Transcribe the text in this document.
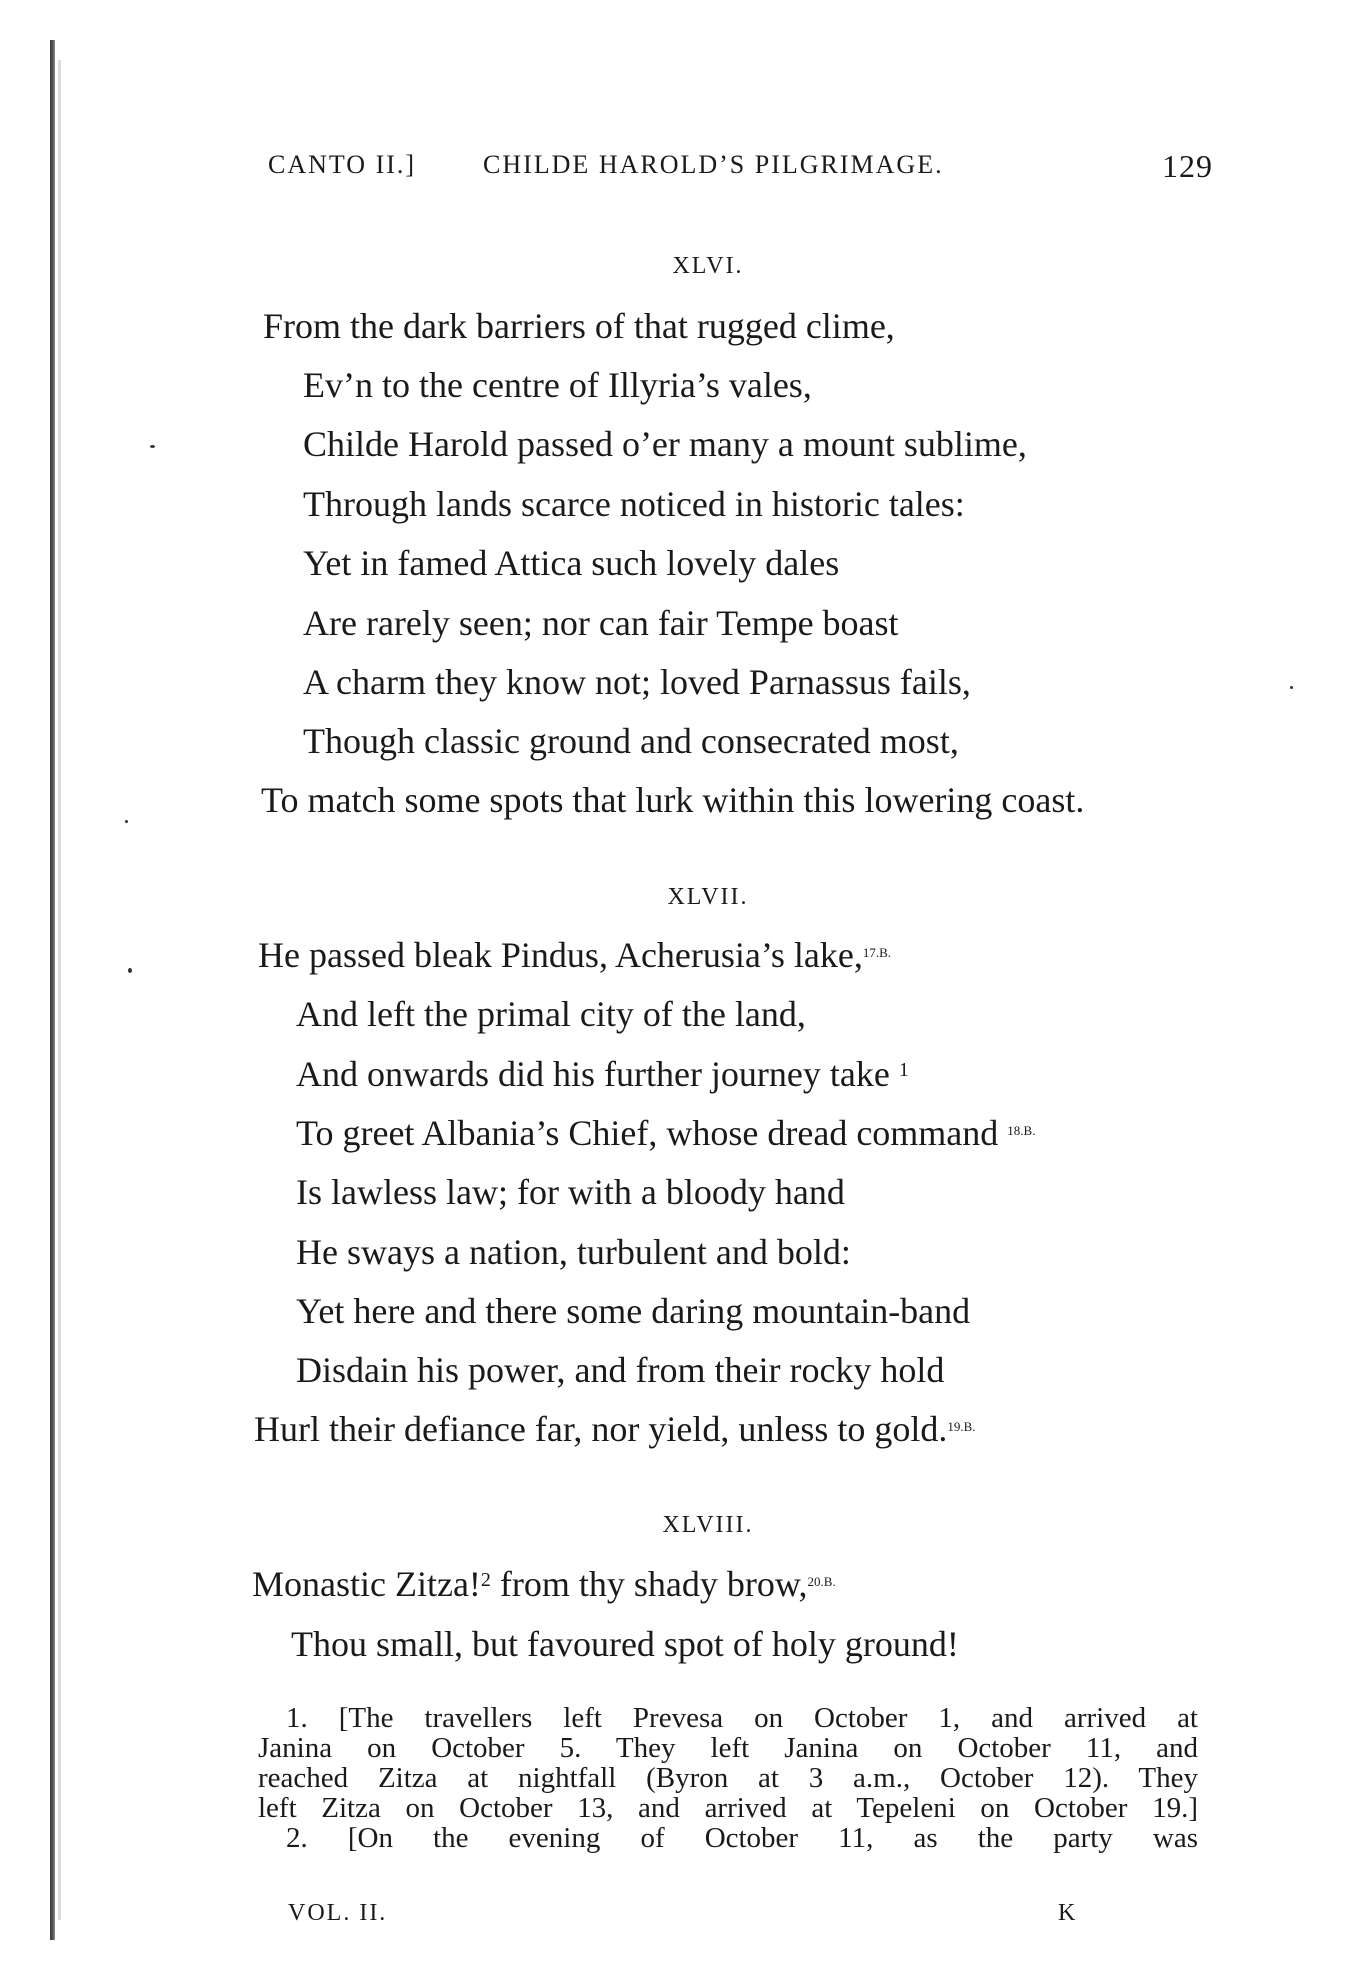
CANTO II.]	CHILDE HAROLD’S PILGRIMAGE.	129
XLVI.
From the dark barriers of that rugged clime,
Ev’n to the centre of Illyria’s vales,
Childe Harold passed o’er many a mount sublime,
Through lands scarce noticed in historic tales:
Yet in famed Attica such lovely dales
Are rarely seen; nor can fair Tempe boast
A charm they know not; loved Parnassus fails,
Though classic ground and consecrated most,
To match some spots that lurk within this lowering coast.
XLVII.
He passed bleak Pindus, Acherusia’s lake,$^{17.B.}$
And left the primal city of the land,
And onwards did his further journey take $^1$
To greet Albania’s Chief, whose dread command $^{18.B.}$
Is lawless law; for with a bloody hand
He sways a nation, turbulent and bold:
Yet here and there some daring mountain-band
Disdain his power, and from their rocky hold
Hurl their defiance far, nor yield, unless to gold.$^{19.B.}$
XLVIII.
Monastic Zitza!$^2$ from thy shady brow,$^{20.B.}$
Thou small, but favoured spot of holy ground!
1. [The travellers left Prevesa on October 1, and arrived at
Janina on October 5. They left Janina on October 11, and
reached Zitza at nightfall (Byron at 3 a.m., October 12). They
left Zitza on October 13, and arrived at Tepeleni on October 19.]
2. [On the evening of October 11, as the party was
VOL. II.	K
